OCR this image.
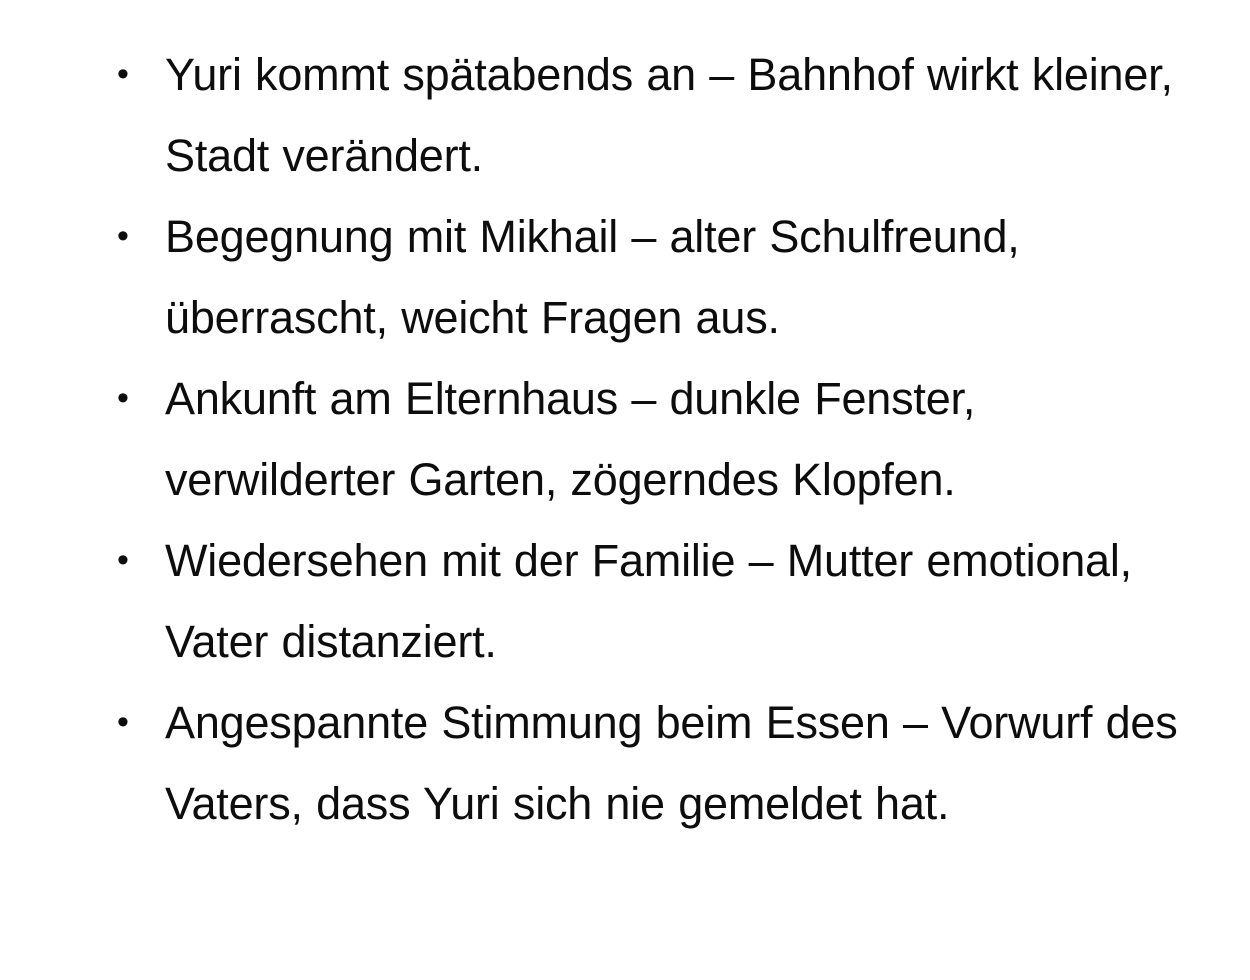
• Yuri kommt spätabends an – Bahnhof wirkt kleiner, Stadt verändert.
• Begegnung mit Mikhail – alter Schulfreund, überrascht, weicht Fragen aus.
• Ankunft am Elternhaus – dunkle Fenster, verwilderter Garten, zögerndes Klopfen.
• Wiedersehen mit der Familie – Mutter emotional, Vater distanziert.
• Angespannte Stimmung beim Essen – Vorwurf des Vaters, dass Yuri sich nie gemeldet hat.
